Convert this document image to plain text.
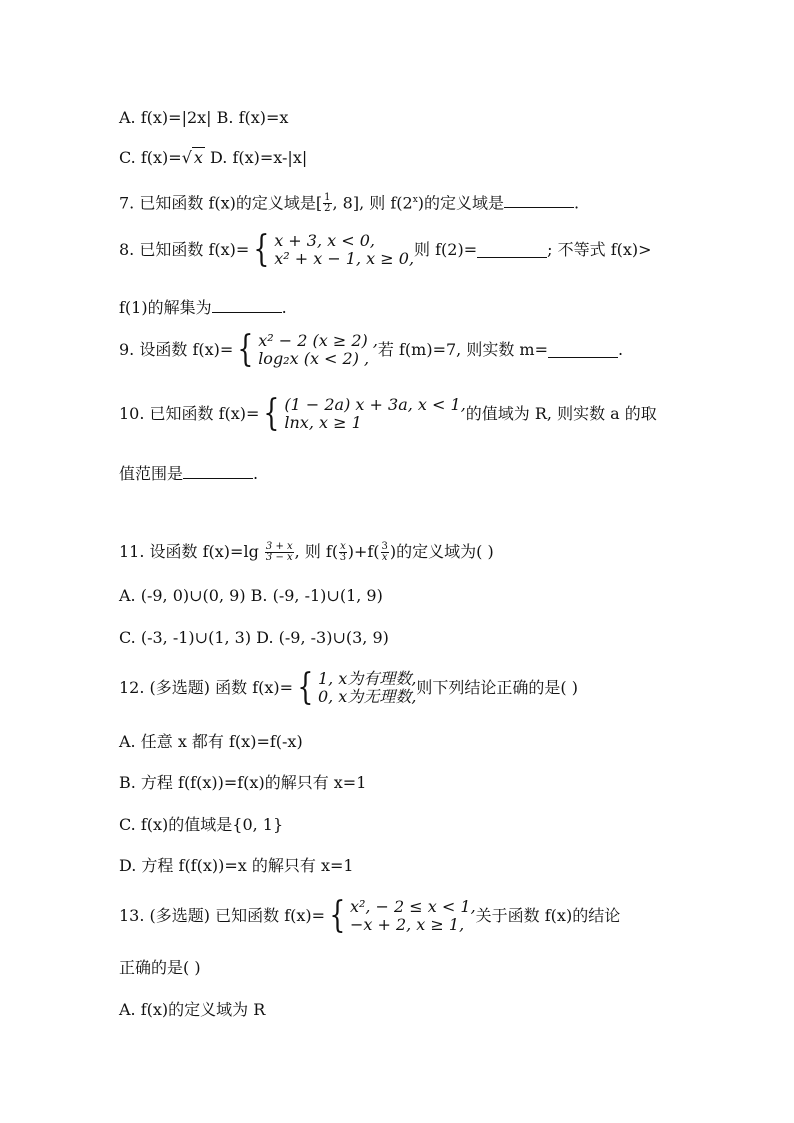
A. f(x)=|2x| B. f(x)=x
C. f(x)=√ x D. f(x)=x-|x|
7. 已知函数 f(x)的定义域是[ $\frac{1}{2}$ , 8], 则 f(2$^x$)的定义域是	.
8. 已知函数 f(x)= { x + 3, x < 0,
x² + x − 1, x ≥ 0, 则 f(2)=	; 不等式 f(x)>
f(1)的解集为	.
9. 设函数 f(x)= { x² − 2 (x ≥ 2) ,
log₂x (x < 2) , 若 f(m)=7, 则实数 m=	.
10. 已知函数 f(x)= { (1 − 2a) x + 3a, x < 1,
lnx, x ≥ 1	的值域为 R, 则实数 a 的取
值范围是	.
11. 设函数 $f(x)=\lg \frac{3 + x}{3 - x}$ , 则 $f( \frac{x}{3} )+f( \frac{3}{x}$ )的定义域为( )
A. (-9, 0)∪(0, 9) B. (-9, -1)∪(1, 9)
C. (-3, -1)∪(1, 3) D. (-9, -3)∪(3, 9)
12. (多选题) 函数 f(x)= { 1, x为有理数,
0, x为无理数, 则下列结论正确的是( )
A. 任意 x 都有 f(x)=f(-x)
B. 方程 f(f(x))=f(x)的解只有 x=1
C. f(x)的值域是{0, 1}
D. 方程 f(f(x))=x 的解只有 x=1
13. (多选题) 已知函数 f(x)= { x², − 2 ≤ x < 1,
−x + 2, x ≥ 1, 关于函数 f(x)的结论
正确的是( )
A. f(x)的定义域为 R
